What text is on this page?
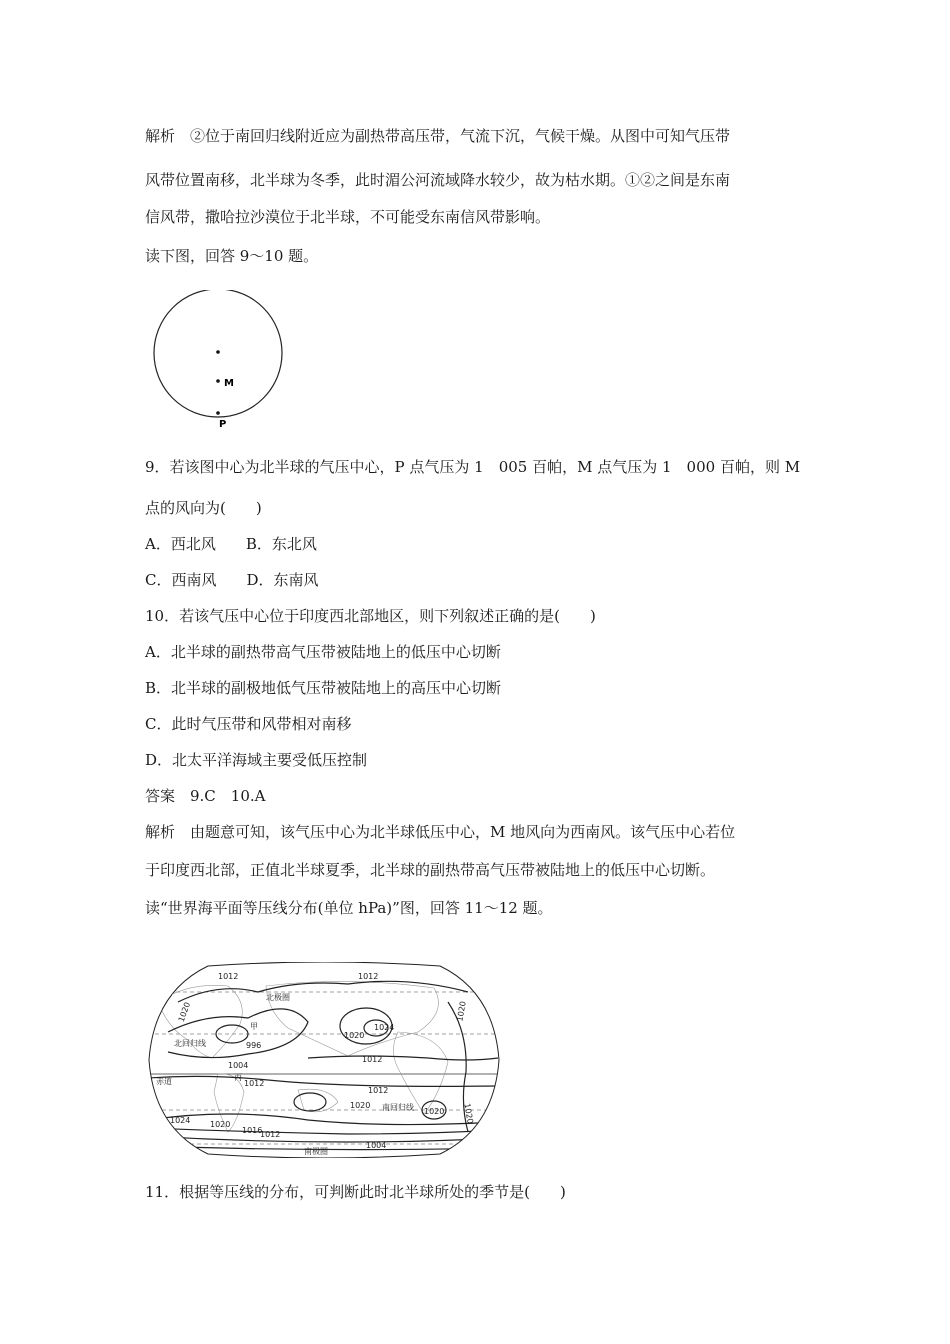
解析　②位于南回归线附近应为副热带高压带，气流下沉，气候干燥。从图中可知气压带
风带位置南移，北半球为冬季，此时湄公河流域降水较少，故为枯水期。①②之间是东南
信风带，撒哈拉沙漠位于北半球，不可能受东南信风带影响。
读下图，回答 9～10 题。
M
P
9．若该图中心为北半球的气压中心，P 点气压为 1　005 百帕，M 点气压为 1　000 百帕，则 M
点的风向为(　　)
A．西北风　　B．东北风
C．西南风　　D．东南风
10．若该气压中心位于印度西北部地区，则下列叙述正确的是(　　)
A．北半球的副热带高气压带被陆地上的低压中心切断
B．北半球的副极地低气压带被陆地上的高压中心切断
C．此时气压带和风带相对南移
D．北太平洋海域主要受低压控制
答案　9.C　10.A
解析　由题意可知，该气压中心为北半球低压中心，M 地风向为西南风。该气压中心若位
于印度西北部，正值北半球夏季，北半球的副热带高气压带被陆地上的低压中心切断。
读“世界海平面等压线分布(单位 hPa)”图，回答 11～12 题。
1012	1012
1020
1024
1020
1020
996
1004
1012
1012
1020
1012
1020 1020
1024 1020
1016
1012
1004
北极圈
北回归线
赤道
南回归线
南极圈
甲
丙
11．根据等压线的分布，可判断此时北半球所处的季节是(　　)
